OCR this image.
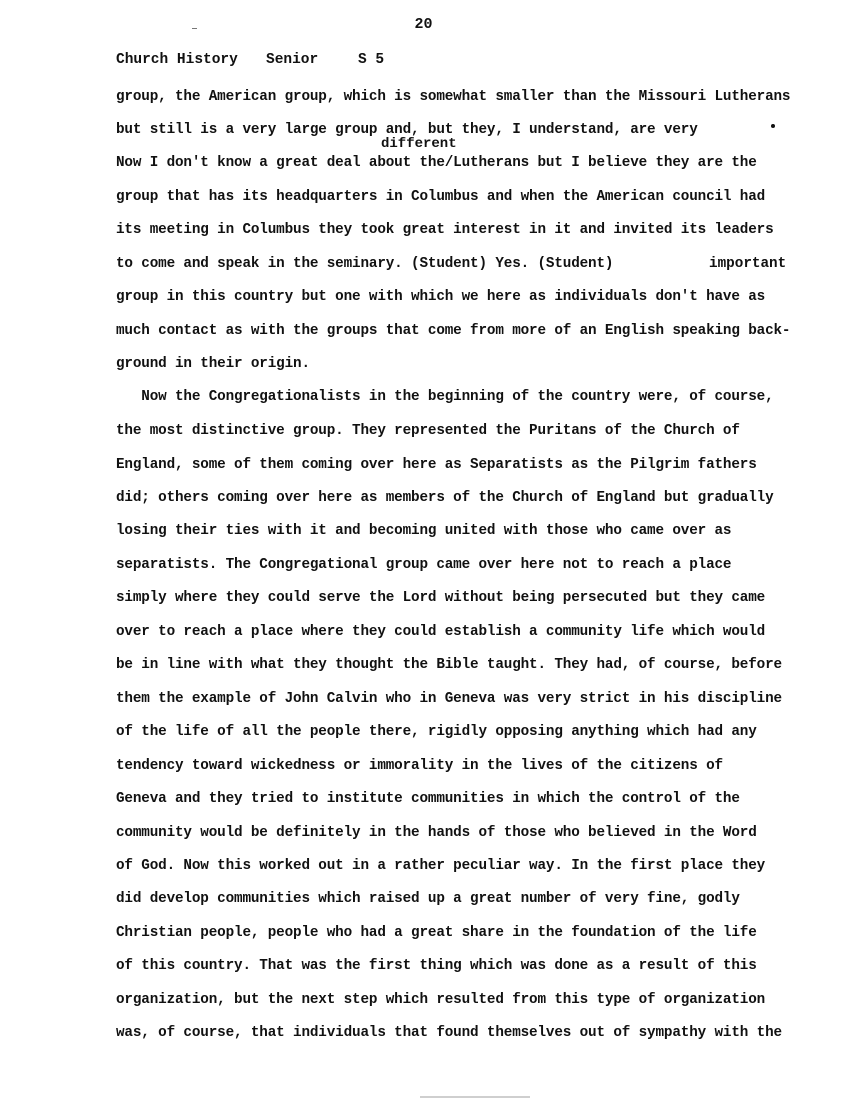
20
Church History Senior	S 5
different
important
group, the American group, which is somewhat smaller than the Missouri Lutherans
but still is a very large group and, but they, I understand, are very
Now I don't know a great deal about the/Lutherans but I believe they are the
group that has its headquarters in Columbus and when the American council had
its meeting in Columbus they took great interest in it and invited its leaders
to come and speak in the seminary. (Student) Yes. (Student)
group in this country but one with which we here as individuals don't have as
much contact as with the groups that come from more of an English speaking back-
ground in their origin.
Now the Congregationalists in the beginning of the country were, of course,
the most distinctive group. They represented the Puritans of the Church of
England, some of them coming over here as Separatists as the Pilgrim fathers
did; others coming over here as members of the Church of England but gradually
losing their ties with it and becoming united with those who came over as
separatists. The Congregational group came over here not to reach a place
simply where they could serve the Lord without being persecuted but they came
over to reach a place where they could establish a community life which would
be in line with what they thought the Bible taught. They had, of course, before
them the example of John Calvin who in Geneva was very strict in his discipline
of the life of all the people there, rigidly opposing anything which had any
tendency toward wickedness or immorality in the lives of the citizens of
Geneva and they tried to institute communities in which the control of the
community would be definitely in the hands of those who believed in the Word
of God. Now this worked out in a rather peculiar way. In the first place they
did develop communities which raised up a great number of very fine, godly
Christian people, people who had a great share in the foundation of the life
of this country. That was the first thing which was done as a result of this
organization, but the next step which resulted from this type of organization
was, of course, that individuals that found themselves out of sympathy with the
